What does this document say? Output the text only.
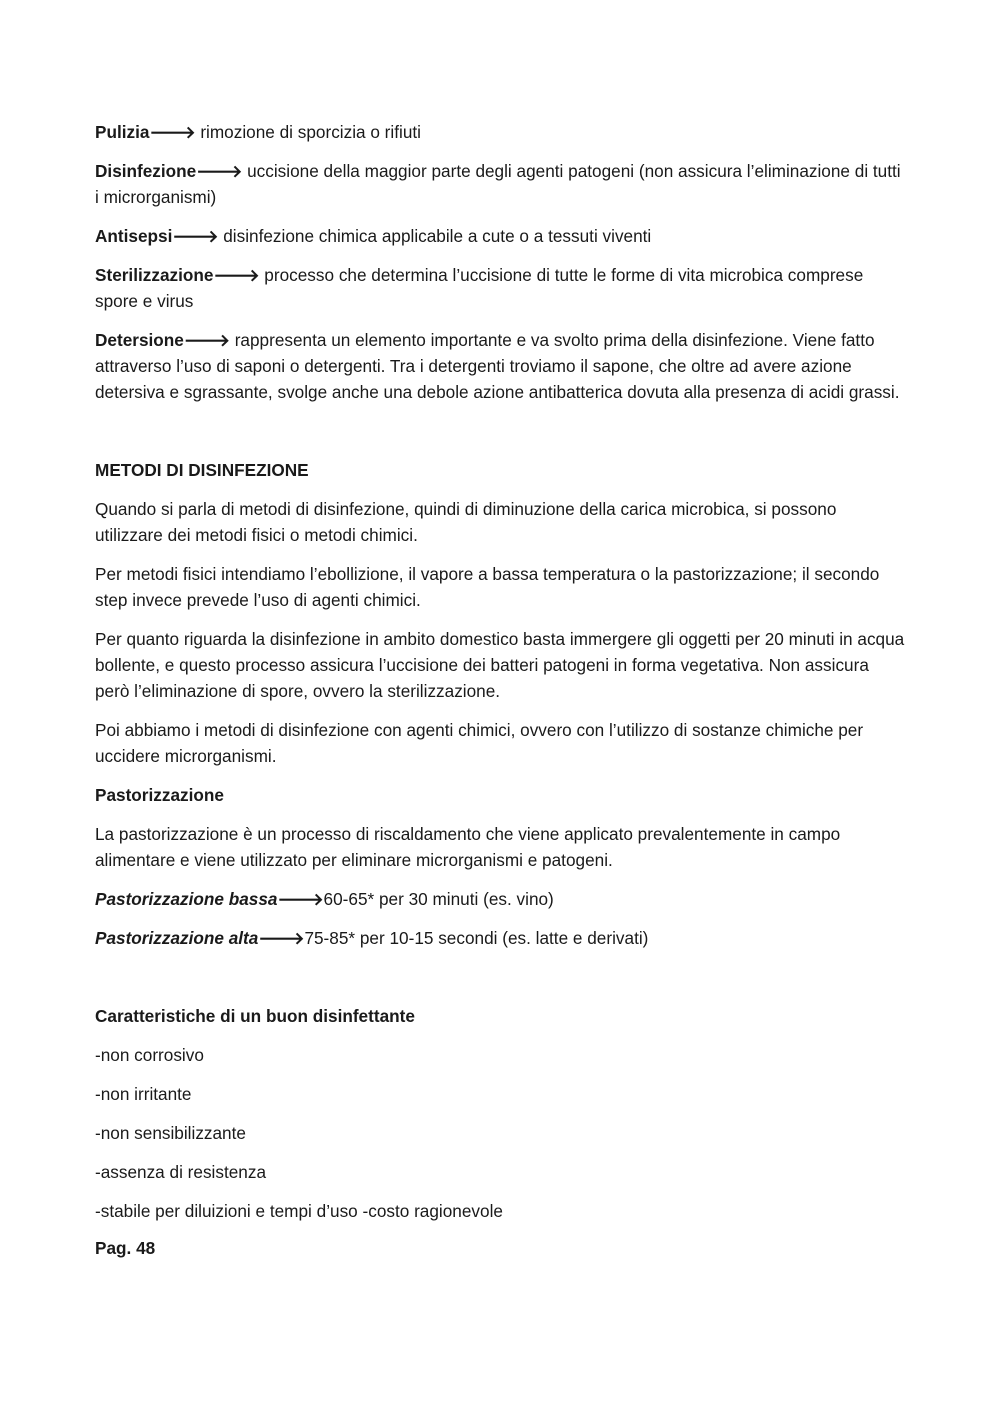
Pulizia🡒 rimozione di sporcizia o rifiuti

Disinfezione🡒 uccisione della maggior parte degli agenti patogeni (non assicura l’eliminazione di tutti i microrganismi)

Antisepsi🡒 disinfezione chimica applicabile a cute o a tessuti viventi

Sterilizzazione🡒 processo che determina l’uccisione di tutte le forme di vita microbica comprese spore e virus

Detersione🡒 rappresenta un elemento importante e va svolto prima della disinfezione. Viene fatto attraverso l’uso di saponi o detergenti. Tra i detergenti troviamo il sapone, che oltre ad avere azione detersiva e sgrassante, svolge anche una debole azione antibatterica dovuta alla presenza di acidi grassi.

METODI DI DISINFEZIONE

Quando si parla di metodi di disinfezione, quindi di diminuzione della carica microbica, si possono utilizzare dei metodi fisici o metodi chimici.

Per metodi fisici intendiamo l’ebollizione, il vapore a bassa temperatura o la pastorizzazione; il secondo step invece prevede l’uso di agenti chimici.

Per quanto riguarda la disinfezione in ambito domestico basta immergere gli oggetti per 20 minuti in acqua bollente, e questo processo assicura l’uccisione dei batteri patogeni in forma vegetativa. Non assicura però l’eliminazione di spore, ovvero la sterilizzazione.

Poi abbiamo i metodi di disinfezione con agenti chimici, ovvero con l’utilizzo di sostanze chimiche per uccidere microrganismi.

Pastorizzazione

La pastorizzazione è un processo di riscaldamento che viene applicato prevalentemente in campo alimentare e viene utilizzato per eliminare microrganismi e patogeni.

Pastorizzazione bassa🡒60-65* per 30 minuti (es. vino)

Pastorizzazione alta🡒75-85* per 10-15 secondi (es. latte e derivati)

Caratteristiche di un buon disinfettante

-non corrosivo

-non irritante

-non sensibilizzante

-assenza di resistenza

-stabile per diluizioni e tempi d’uso -costo ragionevole

Pag. 48
